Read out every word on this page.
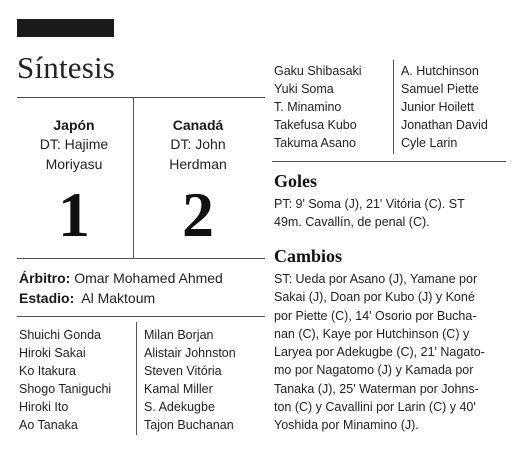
Síntesis
Japón
DT: Hajime
Moriyasu
Canadá
DT: John
Herdman
1	2
Árbitro: Omar Mohamed Ahmed
Estadio: Al Maktoum
Shuichi Gonda
Hiroki Sakai
Ko Itakura
Shogo Taniguchi
Hiroki Ito
Ao Tanaka
Milan Borjan
Alistair Johnston
Steven Vitória
Kamal Miller
S. Adekugbe
Tajon Buchanan
Gaku Shibasaki
Yuki Soma
T. Minamino
Takefusa Kubo
Takuma Asano
A. Hutchinson
Samuel Piette
Junior Hoilett
Jonathan David
Cyle Larin
Goles
PT: 9' Soma (J), 21' Vitória (C). ST
49m. Cavallín, de penal (C).
Cambios
ST: Ueda por Asano (J), Yamane por
Sakai (J), Doan por Kubo (J) y Koné
por Piette (C), 14' Osorio por Bucha-
nan (C), Kaye por Hutchinson (C) y
Laryea por Adekugbe (C), 21' Nagato-
mo por Nagatomo (J) y Kamada por
Tanaka (J), 25' Waterman por Johns-
ton (C) y Cavallini por Larin (C) y 40'
Yoshida por Minamino (J).
